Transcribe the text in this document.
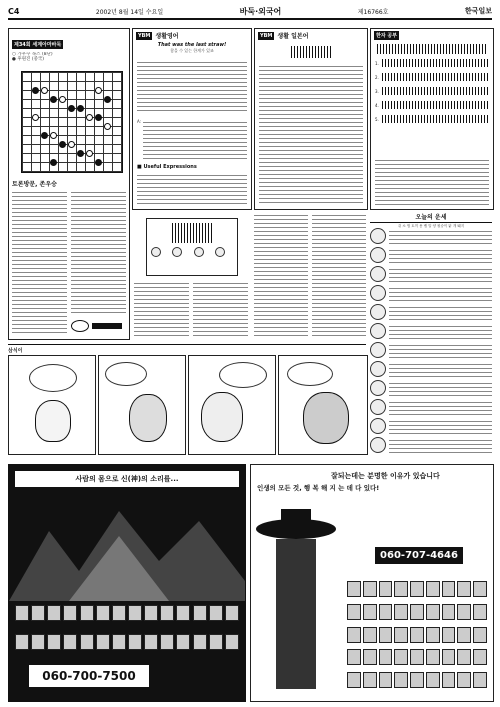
C4	2002년 8월 14일 수요일	바둑·외국어	제16766호	한국일보
제34회 세계아마바둑
○ 가우쿠 녹스 (8단)
● 후원진 (중국)
토론방문, 존우승
YBM 생활영어
That was the last straw!
참을 수 있는 한계가 있죠
A:
■ Useful Expressions
YBM 생활 일본어	한자 공부
1.
2.
3.
4.
5.
오늘의 운세
쥐 소 범 토끼 용 뱀 말 양 원숭이 닭 개 돼지
삼식이
사람의 몸으로 신(神)의 소리를...
060-700-7500
잘되는데는 분명한 이유가 있습니다
인생의 모든 것, 행 복 해 지 는 데 다 있다!
060-707-4646
